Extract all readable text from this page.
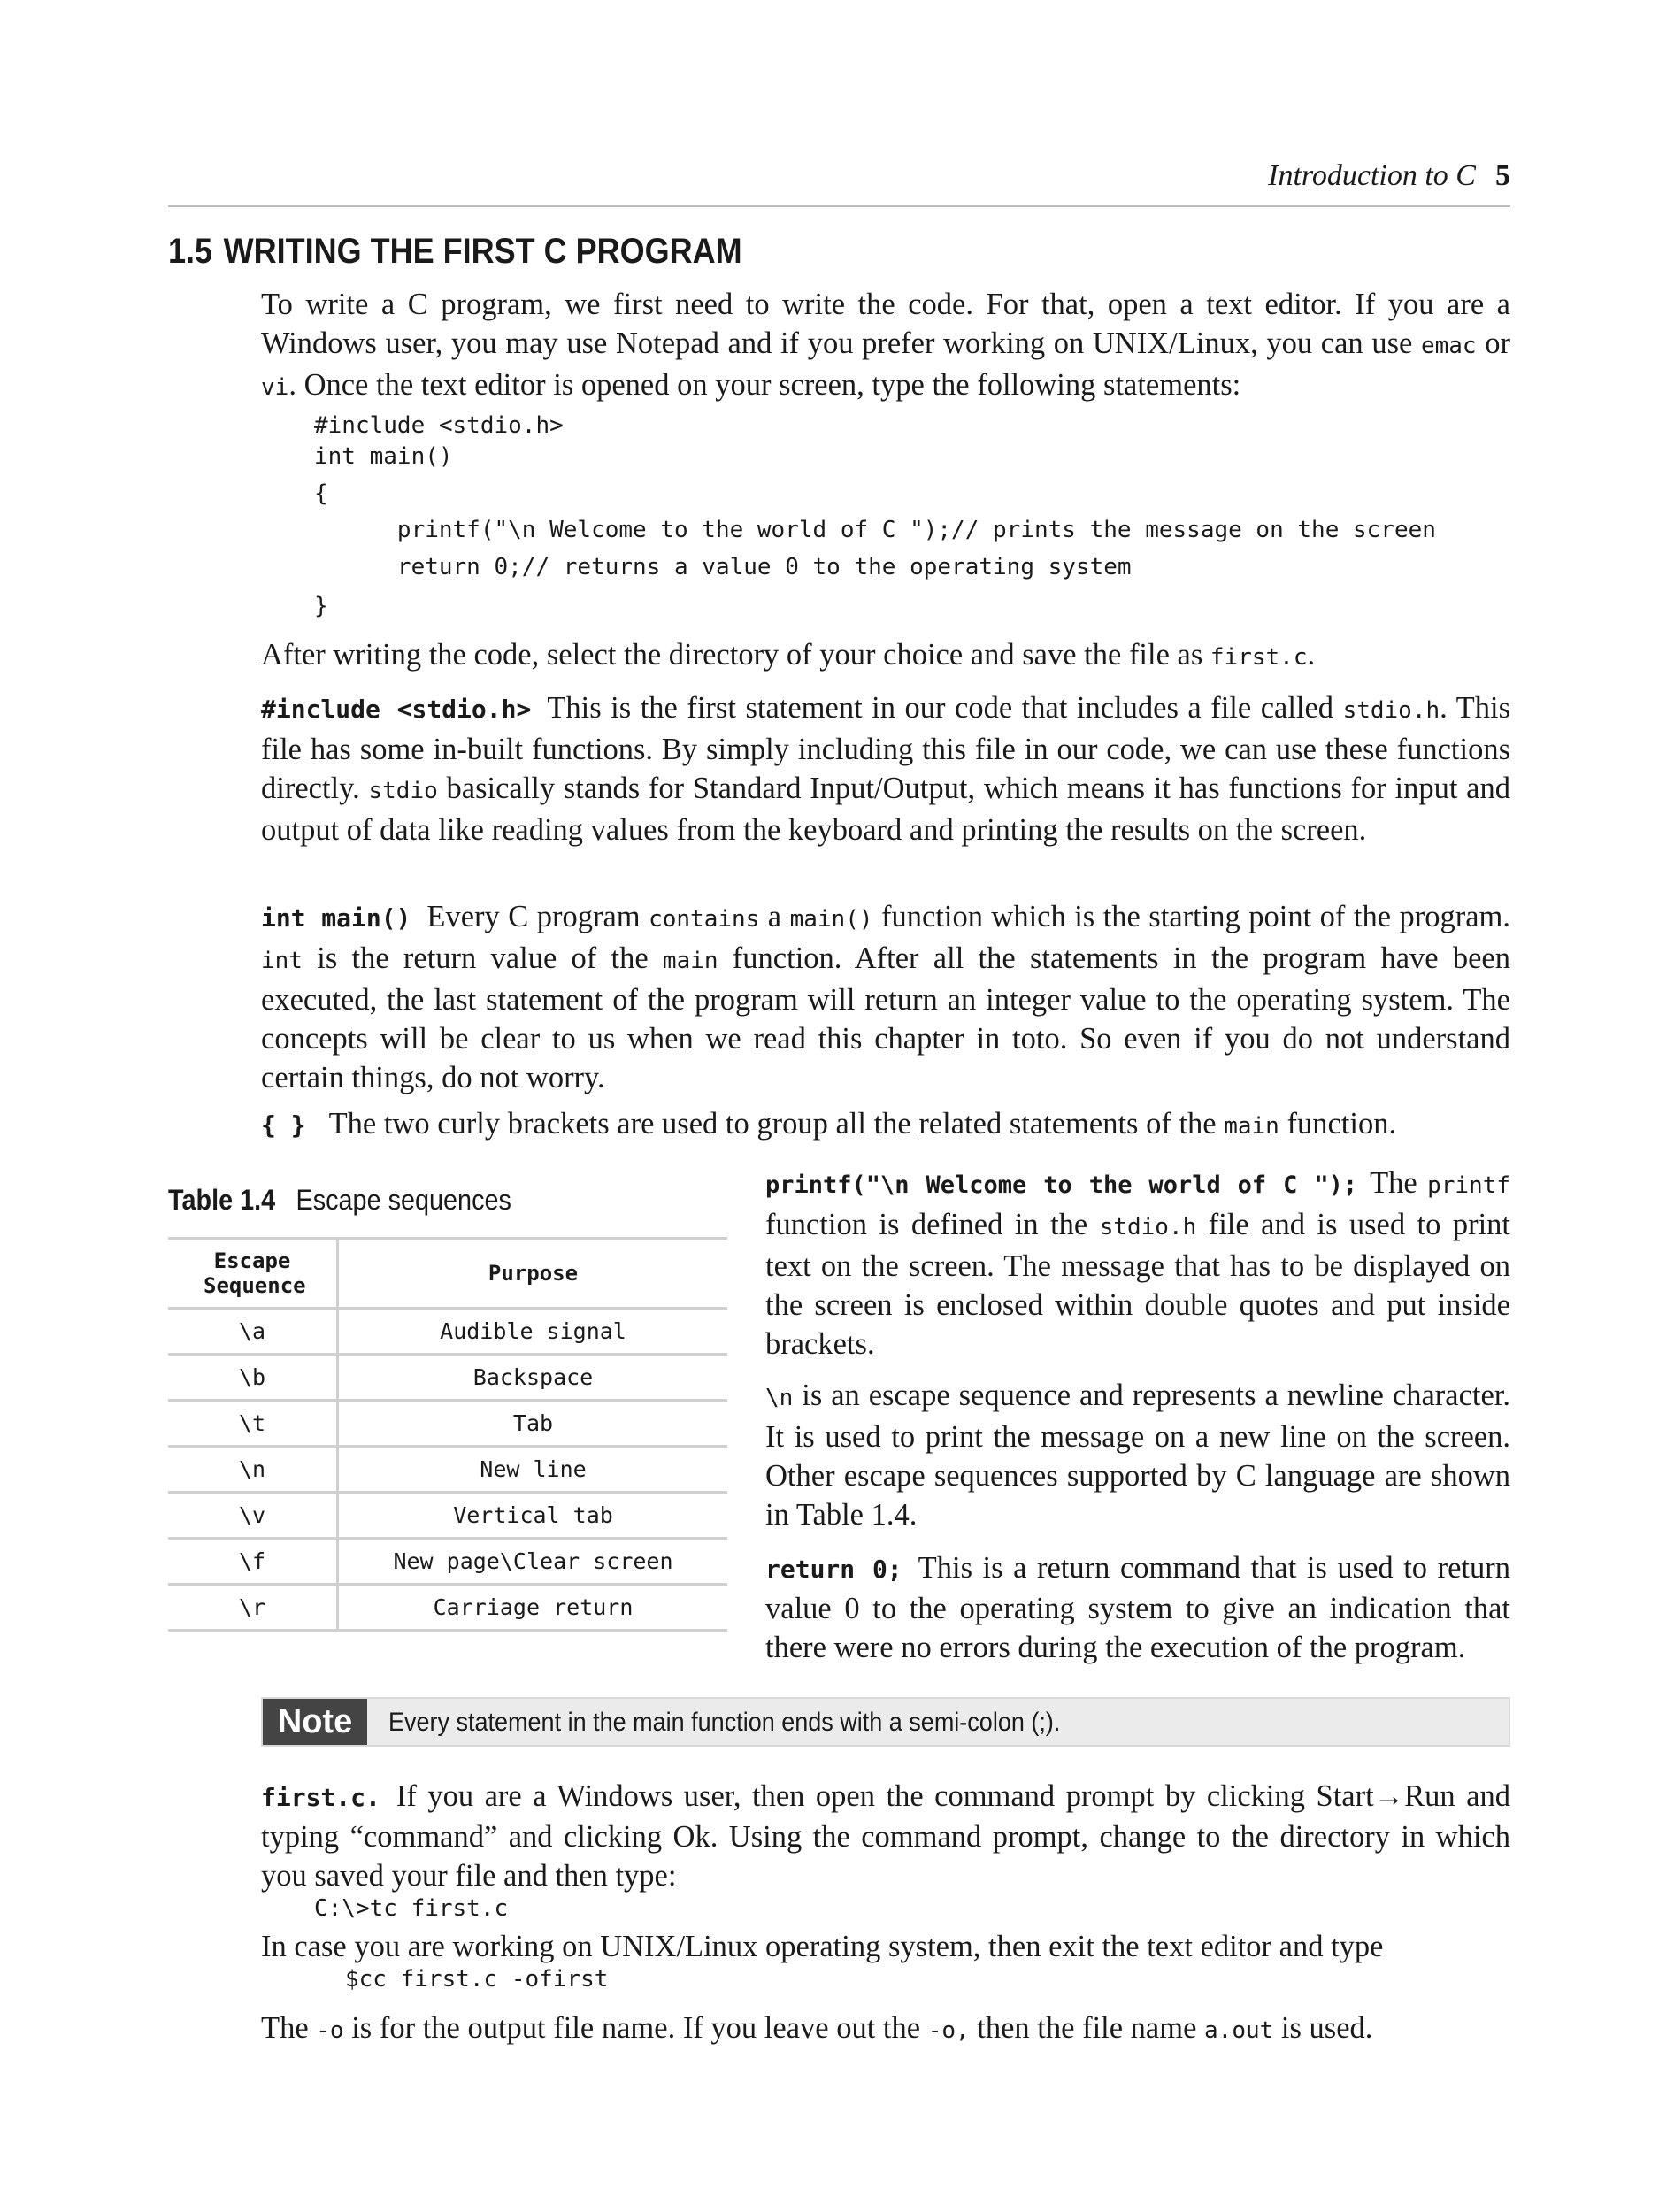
Introduction to C 5
1.5 WRITING THE FIRST C PROGRAM
To write a C program, we first need to write the code. For that, open a text editor. If you are a Windows user, you may use Notepad and if you prefer working on UNIX/Linux, you can use emac or vi. Once the text editor is opened on your screen, type the following statements:
#include <stdio.h>
int main()
{
printf("\n Welcome to the world of C ");// prints the message on the screen
return 0;// returns a value 0 to the operating system
}
After writing the code, select the directory of your choice and save the file as first.c.
#include <stdio.h> This is the first statement in our code that includes a file called stdio.h. This file has some in-built functions. By simply including this file in our code, we can use these functions directly. stdio basically stands for Standard Input/Output, which means it has functions for input and output of data like reading values from the keyboard and printing the results on the screen.
int main() Every C program contains a main() function which is the starting point of the program. int is the return value of the main function. After all the statements in the program have been executed, the last statement of the program will return an integer value to the operating system. The concepts will be clear to us when we read this chapter in toto. So even if you do not understand certain things, do not worry.
{ } The two curly brackets are used to group all the related statements of the main function.
Table 1.4 Escape sequences
Escape Sequence	Purpose
\a	Audible signal
\b	Backspace
\t	Tab
\n	New line
\v	Vertical tab
\f	New page\Clear screen
\r	Carriage return
printf("\n Welcome to the world of C "); The printf function is defined in the stdio.h file and is used to print text on the screen. The message that has to be displayed on the screen is enclosed within double quotes and put inside brackets.
\n is an escape sequence and represents a newline character. It is used to print the message on a new line on the screen. Other escape sequences supported by C language are shown in Table 1.4.
return 0; This is a return command that is used to return value 0 to the operating system to give an indication that there were no errors during the execution of the program.
Note	Every statement in the main function ends with a semi-colon (;).
first.c. If you are a Windows user, then open the command prompt by clicking Start→Run and typing “command” and clicking Ok. Using the command prompt, change to the directory in which you saved your file and then type:
C:\>tc first.c
In case you are working on UNIX/Linux operating system, then exit the text editor and type
$cc first.c -ofirst
The -o is for the output file name. If you leave out the -o, then the file name a.out is used.
